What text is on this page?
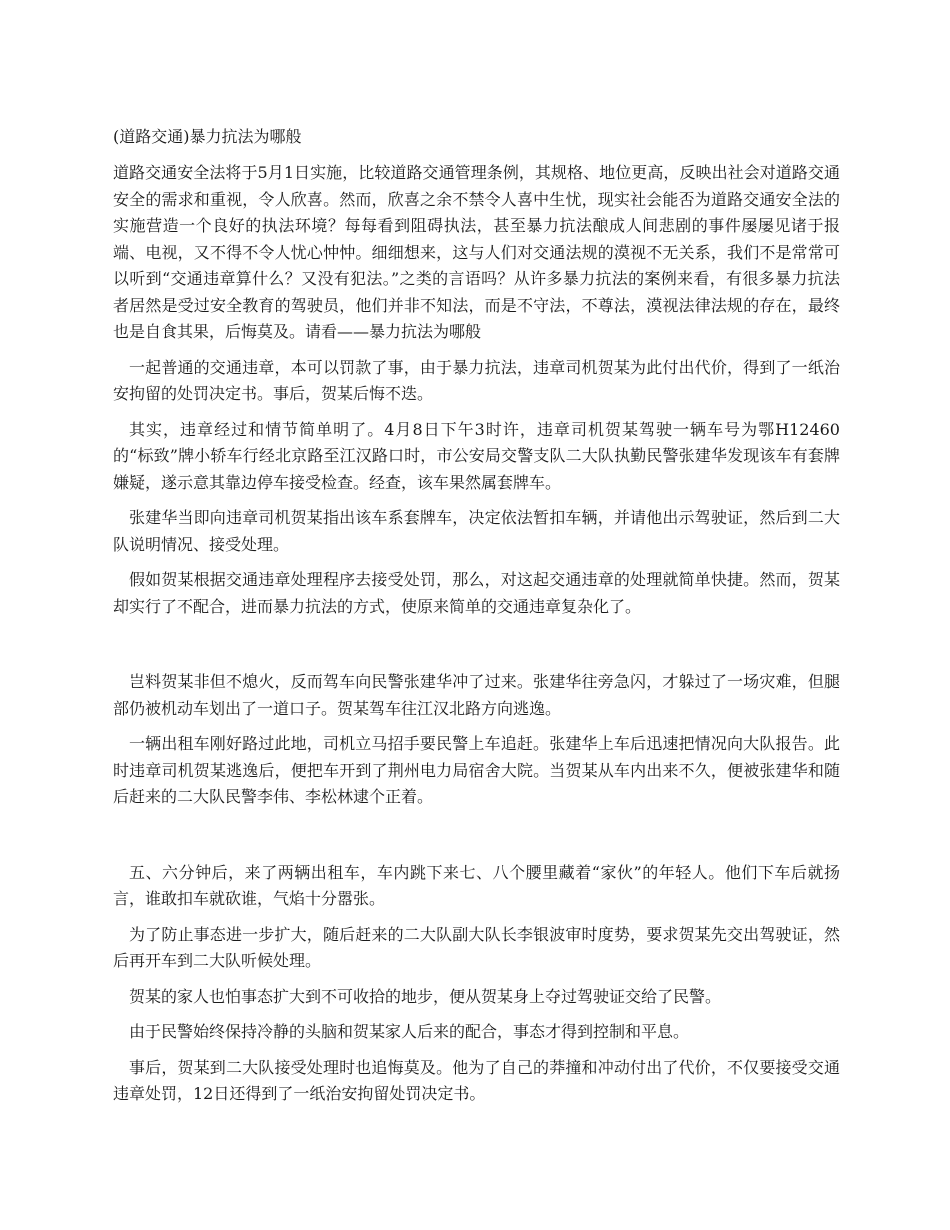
(道路交通)暴力抗法为哪般

道路交通安全法将于5月1日实施，比较道路交通管理条例，其规格、地位更高，反映出社会对道路交通安全的需求和重视，令人欣喜。然而，欣喜之余不禁令人喜中生忧，现实社会能否为道路交通安全法的实施营造一个良好的执法环境？每每看到阻碍执法，甚至暴力抗法酿成人间悲剧的事件屡屡见诸于报端、电视，又不得不令人忧心忡忡。细细想来，这与人们对交通法规的漠视不无关系，我们不是常常可以听到“交通违章算什么？又没有犯法。”之类的言语吗？从许多暴力抗法的案例来看，有很多暴力抗法者居然是受过安全教育的驾驶员，他们并非不知法，而是不守法，不尊法，漠视法律法规的存在，最终也是自食其果，后悔莫及。请看——暴力抗法为哪般

一起普通的交通违章，本可以罚款了事，由于暴力抗法，违章司机贺某为此付出代价，得到了一纸治安拘留的处罚决定书。事后，贺某后悔不迭。

其实，违章经过和情节简单明了。4月8日下午3时许，违章司机贺某驾驶一辆车号为鄂H12460的“标致”牌小轿车行经北京路至江汉路口时，市公安局交警支队二大队执勤民警张建华发现该车有套牌嫌疑，遂示意其靠边停车接受检查。经查，该车果然属套牌车。

张建华当即向违章司机贺某指出该车系套牌车，决定依法暂扣车辆，并请他出示驾驶证，然后到二大队说明情况、接受处理。

假如贺某根据交通违章处理程序去接受处罚，那么，对这起交通违章的处理就简单快捷。然而，贺某却实行了不配合，进而暴力抗法的方式，使原来简单的交通违章复杂化了。

岂料贺某非但不熄火，反而驾车向民警张建华冲了过来。张建华往旁急闪，才躲过了一场灾难，但腿部仍被机动车划出了一道口子。贺某驾车往江汉北路方向逃逸。

一辆出租车刚好路过此地，司机立马招手要民警上车追赶。张建华上车后迅速把情况向大队报告。此时违章司机贺某逃逸后，便把车开到了荆州电力局宿舍大院。当贺某从车内出来不久，便被张建华和随后赶来的二大队民警李伟、李松林逮个正着。

五、六分钟后，来了两辆出租车，车内跳下来七、八个腰里藏着“家伙”的年轻人。他们下车后就扬言，谁敢扣车就砍谁，气焰十分嚣张。

为了防止事态进一步扩大，随后赶来的二大队副大队长李银波审时度势，要求贺某先交出驾驶证，然后再开车到二大队听候处理。

贺某的家人也怕事态扩大到不可收拾的地步，便从贺某身上夺过驾驶证交给了民警。

由于民警始终保持冷静的头脑和贺某家人后来的配合，事态才得到控制和平息。

事后，贺某到二大队接受处理时也追悔莫及。他为了自己的莽撞和冲动付出了代价，不仅要接受交通违章处罚，12日还得到了一纸治安拘留处罚决定书。
